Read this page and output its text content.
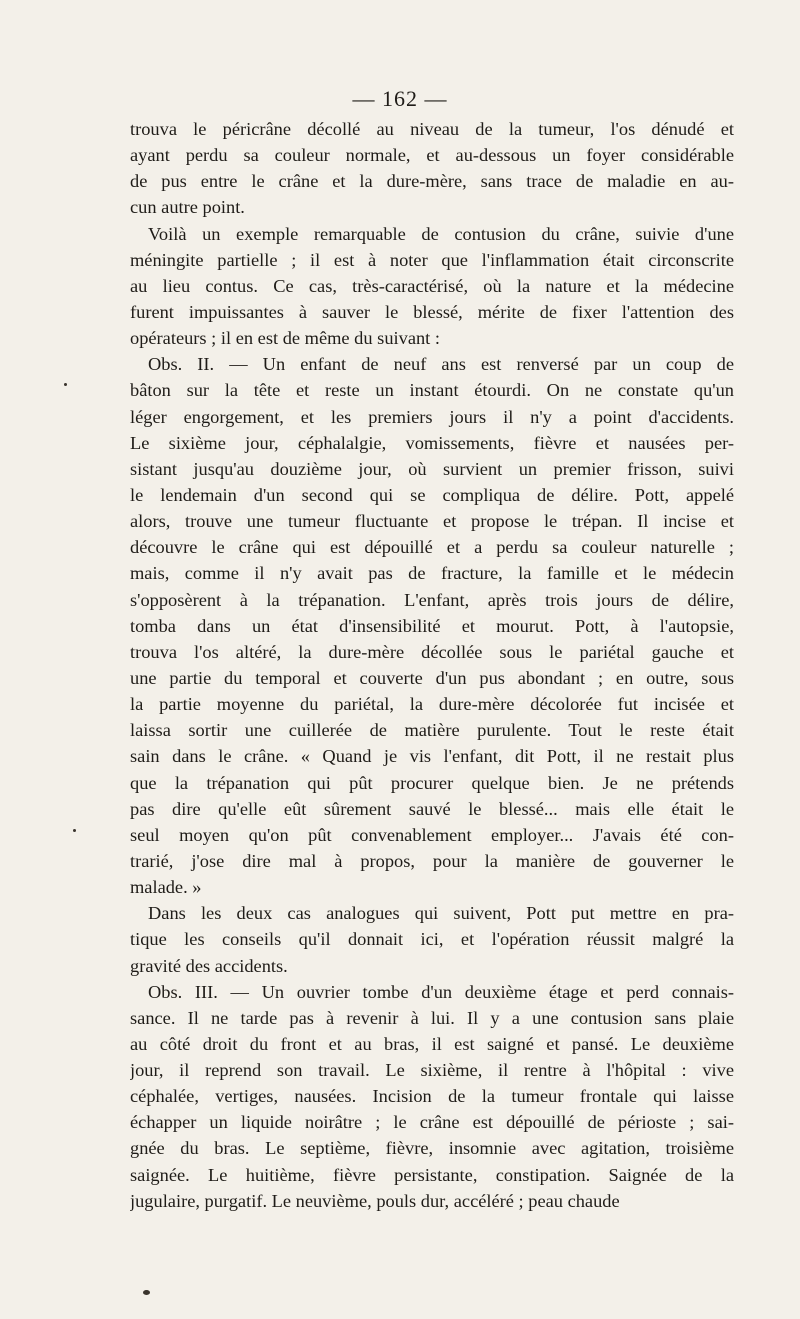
— 162 —
trouva le péricrâne décollé au niveau de la tumeur, l'os dénudé et
ayant perdu sa couleur normale, et au-dessous un foyer considérable
de pus entre le crâne et la dure-mère, sans trace de maladie en au-
cun autre point.
Voilà un exemple remarquable de contusion du crâne, suivie d'une
méningite partielle ; il est à noter que l'inflammation était circonscrite
au lieu contus. Ce cas, très-caractérisé, où la nature et la médecine
furent impuissantes à sauver le blessé, mérite de fixer l'attention des
opérateurs ; il en est de même du suivant :
Obs. II. — Un enfant de neuf ans est renversé par un coup de
bâton sur la tête et reste un instant étourdi. On ne constate qu'un
léger engorgement, et les premiers jours il n'y a point d'accidents.
Le sixième jour, céphalalgie, vomissements, fièvre et nausées per-
sistant jusqu'au douzième jour, où survient un premier frisson, suivi
le lendemain d'un second qui se compliqua de délire. Pott, appelé
alors, trouve une tumeur fluctuante et propose le trépan. Il incise et
découvre le crâne qui est dépouillé et a perdu sa couleur naturelle ;
mais, comme il n'y avait pas de fracture, la famille et le médecin
s'opposèrent à la trépanation. L'enfant, après trois jours de délire,
tomba dans un état d'insensibilité et mourut. Pott, à l'autopsie,
trouva l'os altéré, la dure-mère décollée sous le pariétal gauche et
une partie du temporal et couverte d'un pus abondant ; en outre, sous
la partie moyenne du pariétal, la dure-mère décolorée fut incisée et
laissa sortir une cuillerée de matière purulente. Tout le reste était
sain dans le crâne. « Quand je vis l'enfant, dit Pott, il ne restait plus
que la trépanation qui pût procurer quelque bien. Je ne prétends
pas dire qu'elle eût sûrement sauvé le blessé... mais elle était le
seul moyen qu'on pût convenablement employer... J'avais été con-
trarié, j'ose dire mal à propos, pour la manière de gouverner le
malade. »
Dans les deux cas analogues qui suivent, Pott put mettre en pra-
tique les conseils qu'il donnait ici, et l'opération réussit malgré la
gravité des accidents.
Obs. III. — Un ouvrier tombe d'un deuxième étage et perd connais-
sance. Il ne tarde pas à revenir à lui. Il y a une contusion sans plaie
au côté droit du front et au bras, il est saigné et pansé. Le deuxième
jour, il reprend son travail. Le sixième, il rentre à l'hôpital : vive
céphalée, vertiges, nausées. Incision de la tumeur frontale qui laisse
échapper un liquide noirâtre ; le crâne est dépouillé de périoste ; sai-
gnée du bras. Le septième, fièvre, insomnie avec agitation, troisième
saignée. Le huitième, fièvre persistante, constipation. Saignée de la
jugulaire, purgatif. Le neuvième, pouls dur, accéléré ; peau chaude
